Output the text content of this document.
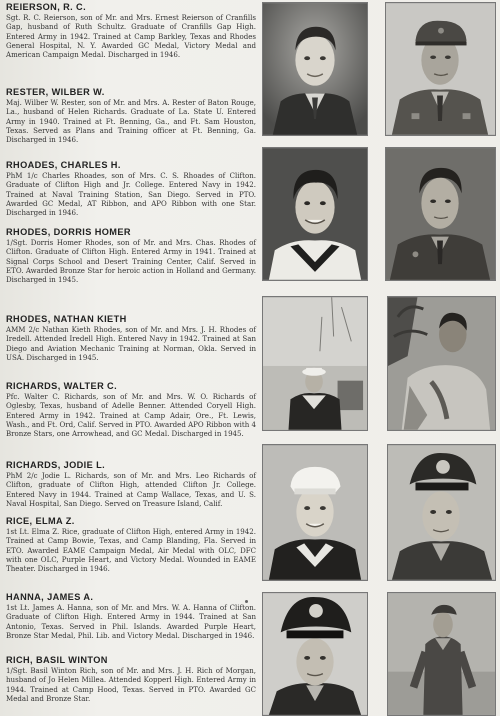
REIERSON, R. C.
Sgt. R. C. Reierson, son of Mr. and Mrs. Ernest Reierson of Cranfills Gap, husband of Ruth Schultz. Graduate of Cranfills Gap High. Entered Army in 1942. Trained at Camp Barkley, Texas and Rhodes General Hospital, N. Y. Awarded GC Medal, Victory Medal and American Campaign Medal. Discharged in 1946.
RESTER, WILBER W.
Maj. Wilber W. Rester, son of Mr. and Mrs. A. Rester of Baton Rouge, La., husband of Helen Richards. Graduate of La. State U. Entered Army in 1940. Trained at Ft. Benning, Ga., and Ft. Sam Houston, Texas. Served as Plans and Training officer at Ft. Benning, Ga. Discharged in 1946.
RHOADES, CHARLES H.
PhM 1/c Charles Rhoades, son of Mrs. C. S. Rhoades of Clifton. Graduate of Clifton High and Jr. College. Entered Navy in 1942. Trained at Naval Training Station, San Diego. Served in PTO. Awarded GC Medal, AT Ribbon, and APO Ribbon with one Star. Discharged in 1946.
RHODES, DORRIS HOMER
1/Sgt. Dorris Homer Rhodes, son of Mr. and Mrs. Chas. Rhodes of Clifton. Graduate of Clifton High. Entered Army in 1941. Trained at Signal Corps School and Desert Training Center, Calif. Served in ETO. Awarded Bronze Star for heroic action in Holland and Germany. Discharged in 1945.
RHODES, NATHAN KIETH
AMM 2/c Nathan Kieth Rhodes, son of Mr. and Mrs. J. H. Rhodes of Iredell. Attended Iredell High. Entered Navy in 1942. Trained at San Diego and Aviation Mechanic Training at Norman, Okla. Served in USA. Discharged in 1945.
RICHARDS, WALTER C.
Pfc. Walter C. Richards, son of Mr. and Mrs. W. O. Richards of Oglesby, Texas, husband of Adelle Benner. Attended Coryell High. Entered Army in 1942. Trained at Camp Adair, Ore., Ft. Lewis, Wash., and Ft. Ord, Calif. Served in PTO. Awarded APO Ribbon with 4 Bronze Stars, one Arrowhead, and GC Medal. Discharged in 1945.
RICHARDS, JODIE L.
PhM 2/c Jodie L. Richards, son of Mr. and Mrs. Leo Richards of Clifton, graduate of Clifton High, attended Clifton Jr. College. Entered Navy in 1944. Trained at Camp Wallace, Texas, and U. S. Naval Hospital, San Diego. Served on Treasure Island, Calif.
RICE, ELMA Z.
1st Lt. Elma Z. Rice, graduate of Clifton High, entered Army in 1942. Trained at Camp Bowie, Texas, and Camp Blanding, Fla. Served in ETO. Awarded EAME Campaign Medal, Air Medal with OLC, DFC with one OLC, Purple Heart, and Victory Medal. Wounded in EAME Theater. Discharged in 1946.
HANNA, JAMES A.
1st Lt. James A. Hanna, son of Mr. and Mrs. W. A. Hanna of Clifton. Graduate of Clifton High. Entered Army in 1944. Trained at San Antonio, Texas. Served in Phil. Islands. Awarded Purple Heart, Bronze Star Medal, Phil. Lib. and Victory Medal. Discharged in 1946.
RICH, BASIL WINTON
1/Sgt. Basil Winton Rich, son of Mr. and Mrs. J. H. Rich of Morgan, husband of Jo Helen Millea. Attended Kopperl High. Entered Army in 1944. Trained at Camp Hood, Texas. Served in PTO. Awarded GC Medal and Bronze Star.
